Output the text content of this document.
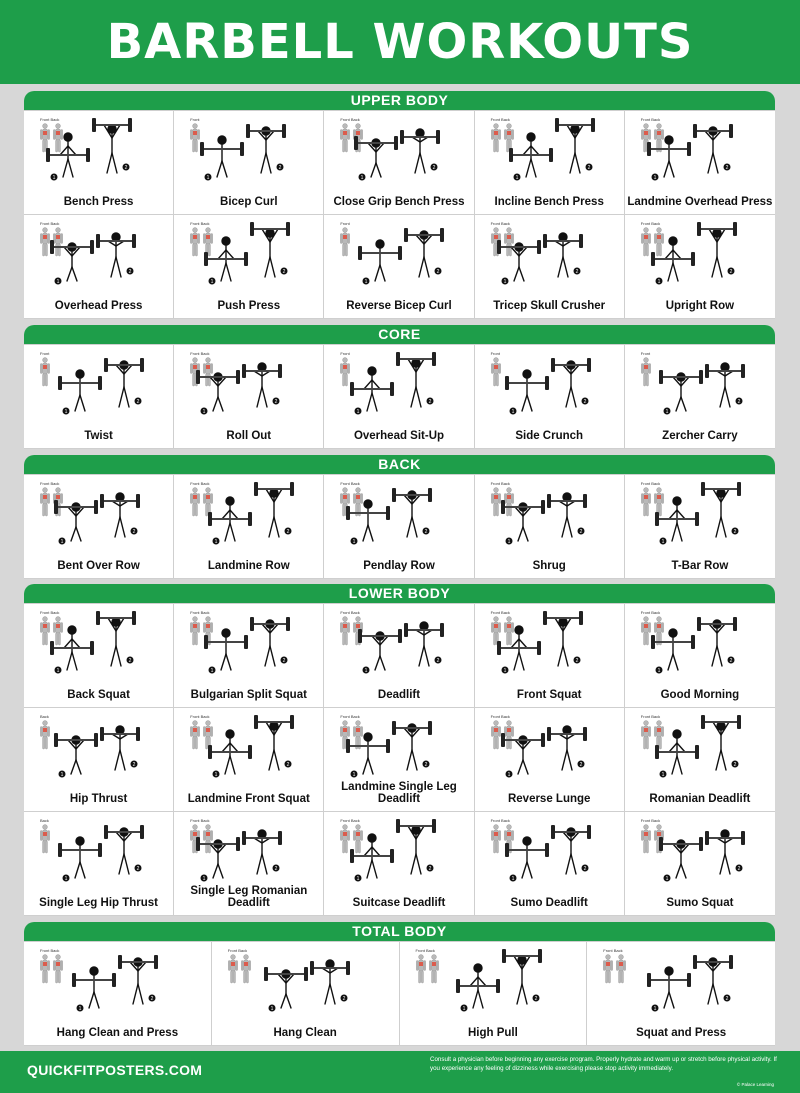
BARBELL WORKOUTS
UPPER BODY
Front Back
1
2
Bench Press
Front
1
2
Bicep Curl
Front Back
1
2
Close Grip Bench Press
Front Back
1
2
Incline Bench Press
Front Back
1
2
Landmine Overhead Press
Front Back
1
2
Overhead Press
Front Back
1
2
Push Press
Front
1
2
Reverse Bicep Curl
Front Back
1
2
Tricep Skull Crusher
Front Back
1
2
Upright Row
CORE
Front
1
2
Twist
Front Back
1
2
Roll Out
Front
1
2
Overhead Sit-Up
Front
1
2
Side Crunch
Front
1
2
Zercher Carry
BACK
Front Back
1
2
Bent Over Row
Front Back
1
2
Landmine Row
Front Back
1
2
Pendlay Row
Front Back
1
2
Shrug
Front Back
1
2
T-Bar Row
LOWER BODY
Front Back
1
2
Back Squat
Front Back
1
2
Bulgarian Split Squat
Front Back
1
2
Deadlift
Front Back
1
2
Front Squat
Front Back
1
2
Good Morning
Back
1
2
Hip Thrust
Front Back
1
2
Landmine Front Squat
Front Back
1
2
Landmine Single Leg Deadlift
Front Back
1
2
Reverse Lunge
Front Back
1
2
Romanian Deadlift
Back
1
2
Single Leg Hip Thrust
Front Back
1
2
Single Leg Romanian Deadlift
Front Back
1
2
Suitcase Deadlift
Front Back
1
2
Sumo Deadlift
Front Back
1
2
Sumo Squat
TOTAL BODY
Front Back
1
2
Hang Clean and Press
Front Back
1
2
Hang Clean
Front Back
1
2
High Pull
Front Back
1
2
Squat and Press
QUICKFITPOSTERS.COM
Consult a physician before beginning any exercise program. Properly hydrate and warm up or stretch before physical activity. If you experience any feeling of dizziness while exercising please stop activity immediately.
© Palace Learning
